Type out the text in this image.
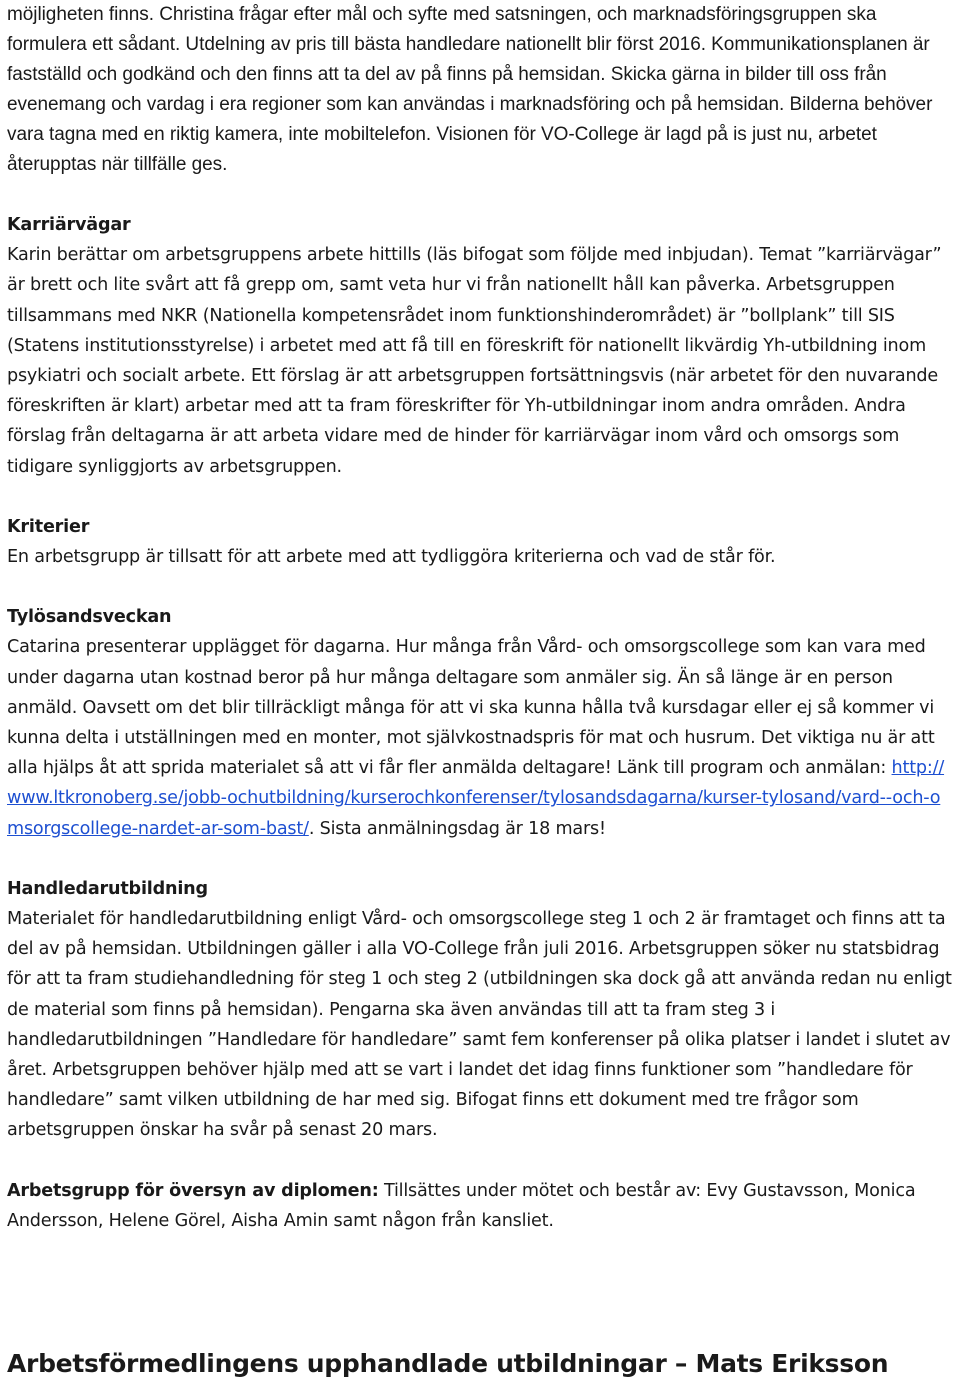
möjligheten finns. Christina frågar efter mål och syfte med satsningen, och marknadsföringsgruppen ska formulera ett sådant. Utdelning av pris till bästa handledare nationellt blir först 2016. Kommunikationsplanen är fastställd och godkänd och den finns att ta del av på finns på hemsidan. Skicka gärna in bilder till oss från evenemang och vardag i era regioner som kan användas i marknadsföring och på hemsidan. Bilderna behöver vara tagna med en riktig kamera, inte mobiltelefon. Visionen för VO-College är lagd på is just nu, arbetet återupptas när tillfälle ges.

Karriärvägar

Karin berättar om arbetsgruppens arbete hittills (läs bifogat som följde med inbjudan). Temat ”karriärvägar” är brett och lite svårt att få grepp om, samt veta hur vi från nationellt håll kan påverka. Arbetsgruppen tillsammans med NKR (Nationella kompetensrådet inom funktionshinderområdet) är ”bollplank” till SIS (Statens institutionsstyrelse) i arbetet med att få till en föreskrift för nationellt likvärdig Yh-utbildning inom psykiatri och socialt arbete. Ett förslag är att arbetsgruppen fortsättningsvis (när arbetet för den nuvarande föreskriften är klart) arbetar med att ta fram föreskrifter för Yh-utbildningar inom andra områden. Andra förslag från deltagarna är att arbeta vidare med de hinder för karriärvägar inom vård och omsorgs som tidigare synliggjorts av arbetsgruppen.

Kriterier

En arbetsgrupp är tillsatt för att arbete med att tydliggöra kriterierna och vad de står för.

Tylösandsveckan

Catarina presenterar upplägget för dagarna. Hur många från Vård- och omsorgscollege som kan vara med under dagarna utan kostnad beror på hur många deltagare som anmäler sig. Än så länge är en person anmäld. Oavsett om det blir tillräckligt många för att vi ska kunna hålla två kursdagar eller ej så kommer vi kunna delta i utställningen med en monter, mot självkostnadspris för mat och husrum. Det viktiga nu är att alla hjälps åt att sprida materialet så att vi får fler anmälda deltagare! Länk till program och anmälan: http://www.ltkronoberg.se/jobb-ochutbildning/kurserochkonferenser/tylosandsdagarna/kurser-tylosand/vard--och-omsorgscollege-nardet-ar-som-bast/. Sista anmälningsdag är 18 mars!

Handledarutbildning

Materialet för handledarutbildning enligt Vård- och omsorgscollege steg 1 och 2 är framtaget och finns att ta del av på hemsidan. Utbildningen gäller i alla VO-College från juli 2016. Arbetsgruppen söker nu statsbidrag för att ta fram studiehandledning för steg 1 och steg 2 (utbildningen ska dock gå att använda redan nu enligt de material som finns på hemsidan). Pengarna ska även användas till att ta fram steg 3 i handledarutbildningen ”Handledare för handledare” samt fem konferenser på olika platser i landet i slutet av året. Arbetsgruppen behöver hjälp med att se vart i landet det idag finns funktioner som ”handledare för handledare” samt vilken utbildning de har med sig. Bifogat finns ett dokument med tre frågor som arbetsgruppen önskar ha svår på senast 20 mars.

Arbetsgrupp för översyn av diplomen: Tillsättes under mötet och består av: Evy Gustavsson, Monica Andersson, Helene Görel, Aisha Amin samt någon från kansliet.

Arbetsförmedlingens upphandlade utbildningar – Mats Eriksson
